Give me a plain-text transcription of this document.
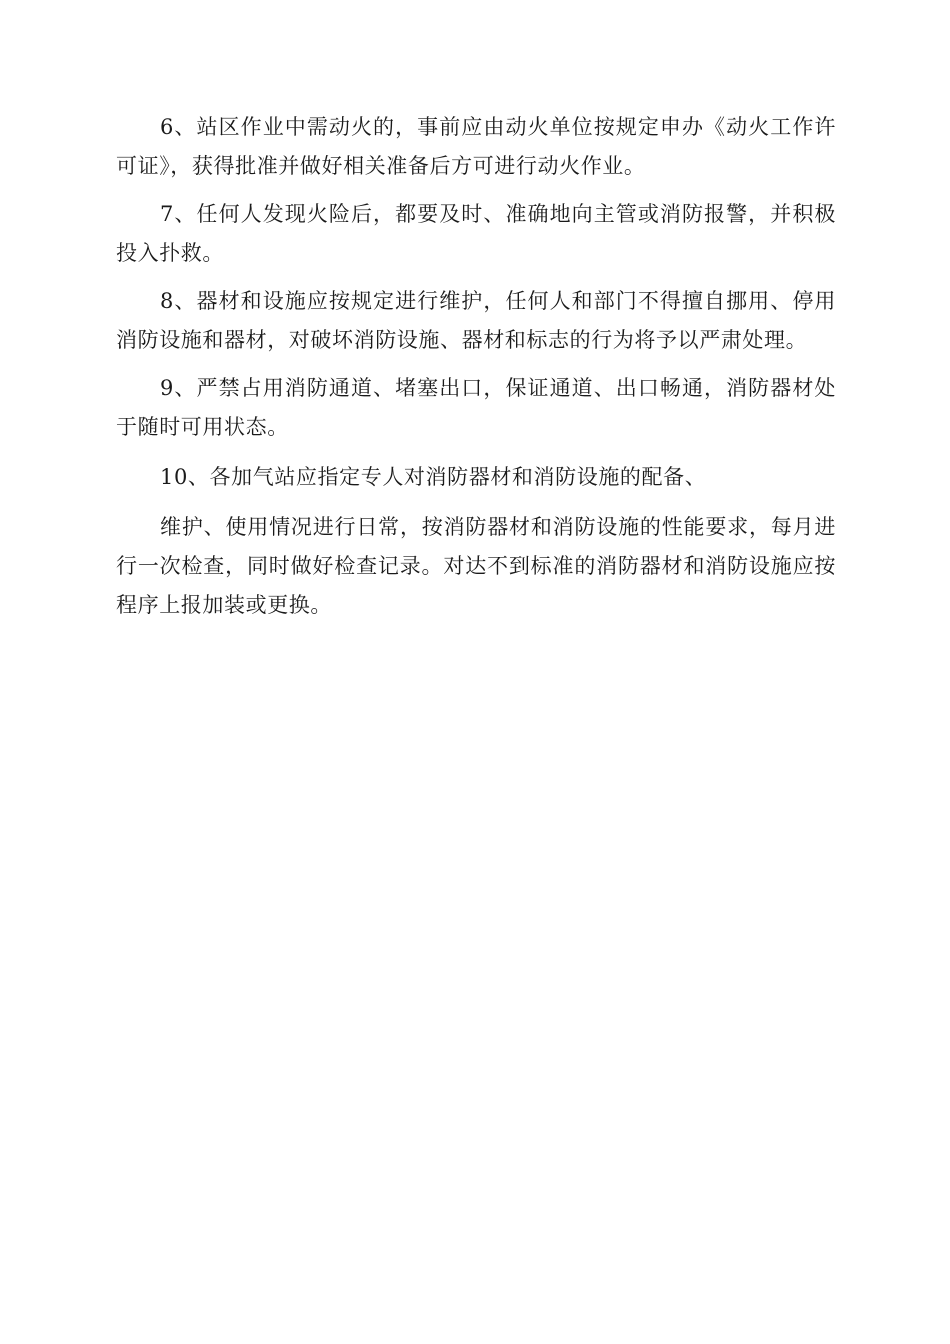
6、站区作业中需动火的，事前应由动火单位按规定申办《动火工作许可证》，获得批准并做好相关准备后方可进行动火作业。

7、任何人发现火险后，都要及时、准确地向主管或消防报警，并积极投入扑救。

8、器材和设施应按规定进行维护，任何人和部门不得擅自挪用、停用消防设施和器材，对破坏消防设施、器材和标志的行为将予以严肃处理。

9、严禁占用消防通道、堵塞出口，保证通道、出口畅通，消防器材处于随时可用状态。

10、各加气站应指定专人对消防器材和消防设施的配备、

维护、使用情况进行日常，按消防器材和消防设施的性能要求，每月进行一次检查，同时做好检查记录。对达不到标准的消防器材和消防设施应按程序上报加装或更换。
